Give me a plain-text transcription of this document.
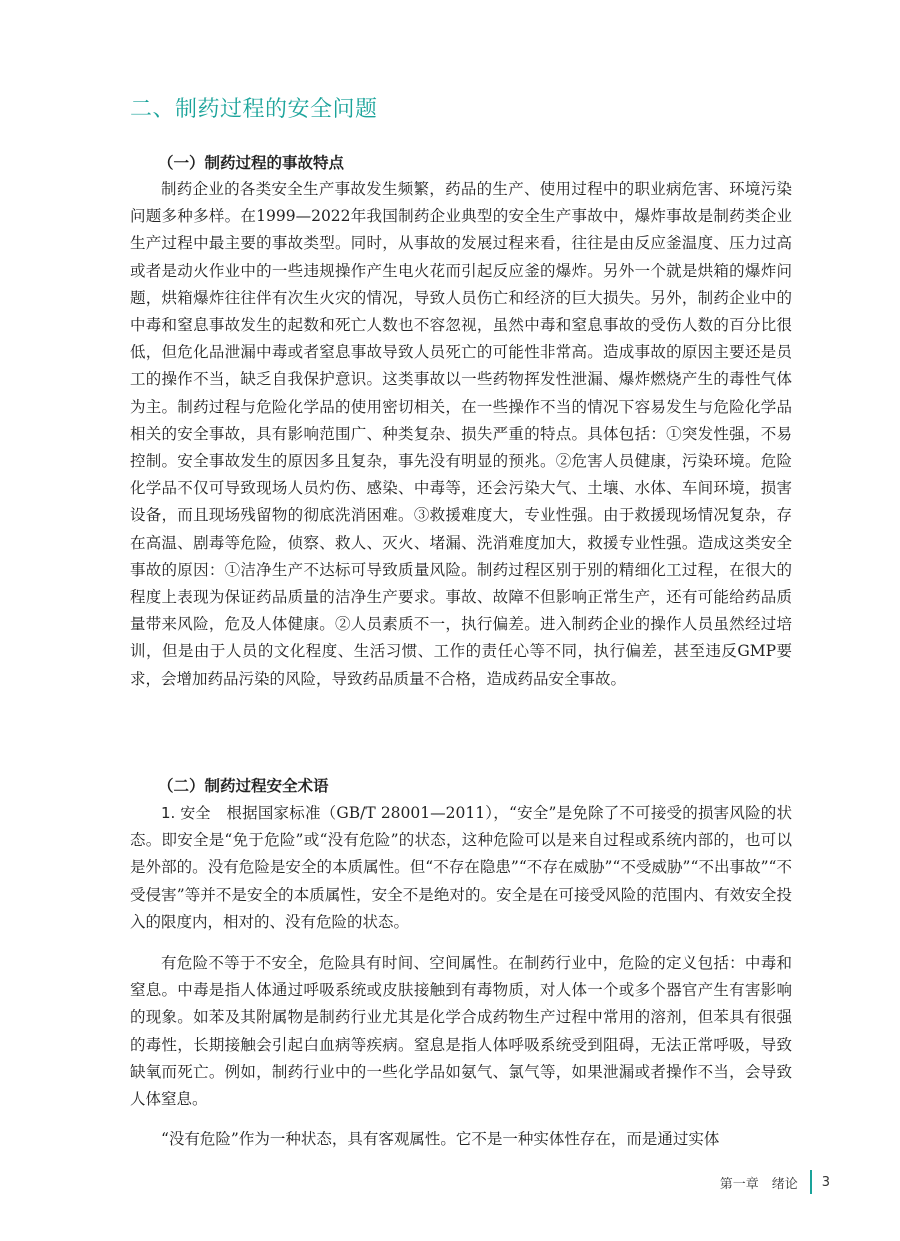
二、制药过程的安全问题
（一）制药过程的事故特点
制药企业的各类安全生产事故发生频繁，药品的生产、使用过程中的职业病危害、环境污染问题多种多样。在1999—2022年我国制药企业典型的安全生产事故中，爆炸事故是制药类企业生产过程中最主要的事故类型。同时，从事故的发展过程来看，往往是由反应釜温度、压力过高或者是动火作业中的一些违规操作产生电火花而引起反应釜的爆炸。另外一个就是烘箱的爆炸问题，烘箱爆炸往往伴有次生火灾的情况，导致人员伤亡和经济的巨大损失。另外，制药企业中的中毒和窒息事故发生的起数和死亡人数也不容忽视，虽然中毒和窒息事故的受伤人数的百分比很低，但危化品泄漏中毒或者窒息事故导致人员死亡的可能性非常高。造成事故的原因主要还是员工的操作不当，缺乏自我保护意识。这类事故以一些药物挥发性泄漏、爆炸燃烧产生的毒性气体为主。制药过程与危险化学品的使用密切相关，在一些操作不当的情况下容易发生与危险化学品相关的安全事故，具有影响范围广、种类复杂、损失严重的特点。具体包括：①突发性强，不易控制。安全事故发生的原因多且复杂，事先没有明显的预兆。②危害人员健康，污染环境。危险化学品不仅可导致现场人员灼伤、感染、中毒等，还会污染大气、土壤、水体、车间环境，损害设备，而且现场残留物的彻底洗消困难。③救援难度大，专业性强。由于救援现场情况复杂，存在高温、剧毒等危险，侦察、救人、灭火、堵漏、洗消难度加大，救援专业性强。造成这类安全事故的原因：①洁净生产不达标可导致质量风险。制药过程区别于别的精细化工过程，在很大的程度上表现为保证药品质量的洁净生产要求。事故、故障不但影响正常生产，还有可能给药品质量带来风险，危及人体健康。②人员素质不一，执行偏差。进入制药企业的操作人员虽然经过培训，但是由于人员的文化程度、生活习惯、工作的责任心等不同，执行偏差，甚至违反GMP要求，会增加药品污染的风险，导致药品质量不合格，造成药品安全事故。
（二）制药过程安全术语
1. 安全　 根据国家标准（GB/T 28001—2011），“安全”是免除了不可接受的损害风险的状态。即安全是“免于危险”或“没有危险”的状态，这种危险可以是来自过程或系统内部的，也可以是外部的。没有危险是安全的本质属性。但“不存在隐患”“不存在威胁”“不受威胁”“不出事故”“不受侵害”等并不是安全的本质属性，安全不是绝对的。安全是在可接受风险的范围内、有效安全投入的限度内，相对的、没有危险的状态。
有危险不等于不安全，危险具有时间、空间属性。在制药行业中，危险的定义包括：中毒和窒息。中毒是指人体通过呼吸系统或皮肤接触到有毒物质，对人体一个或多个器官产生有害影响的现象。如苯及其附属物是制药行业尤其是化学合成药物生产过程中常用的溶剂，但苯具有很强的毒性，长期接触会引起白血病等疾病。窒息是指人体呼吸系统受到阻碍，无法正常呼吸，导致缺氧而死亡。例如，制药行业中的一些化学品如氨气、氯气等，如果泄漏或者操作不当，会导致人体窒息。
“没有危险”作为一种状态，具有客观属性。它不是一种实体性存在，而是通过实体
第一章　绪论 3
